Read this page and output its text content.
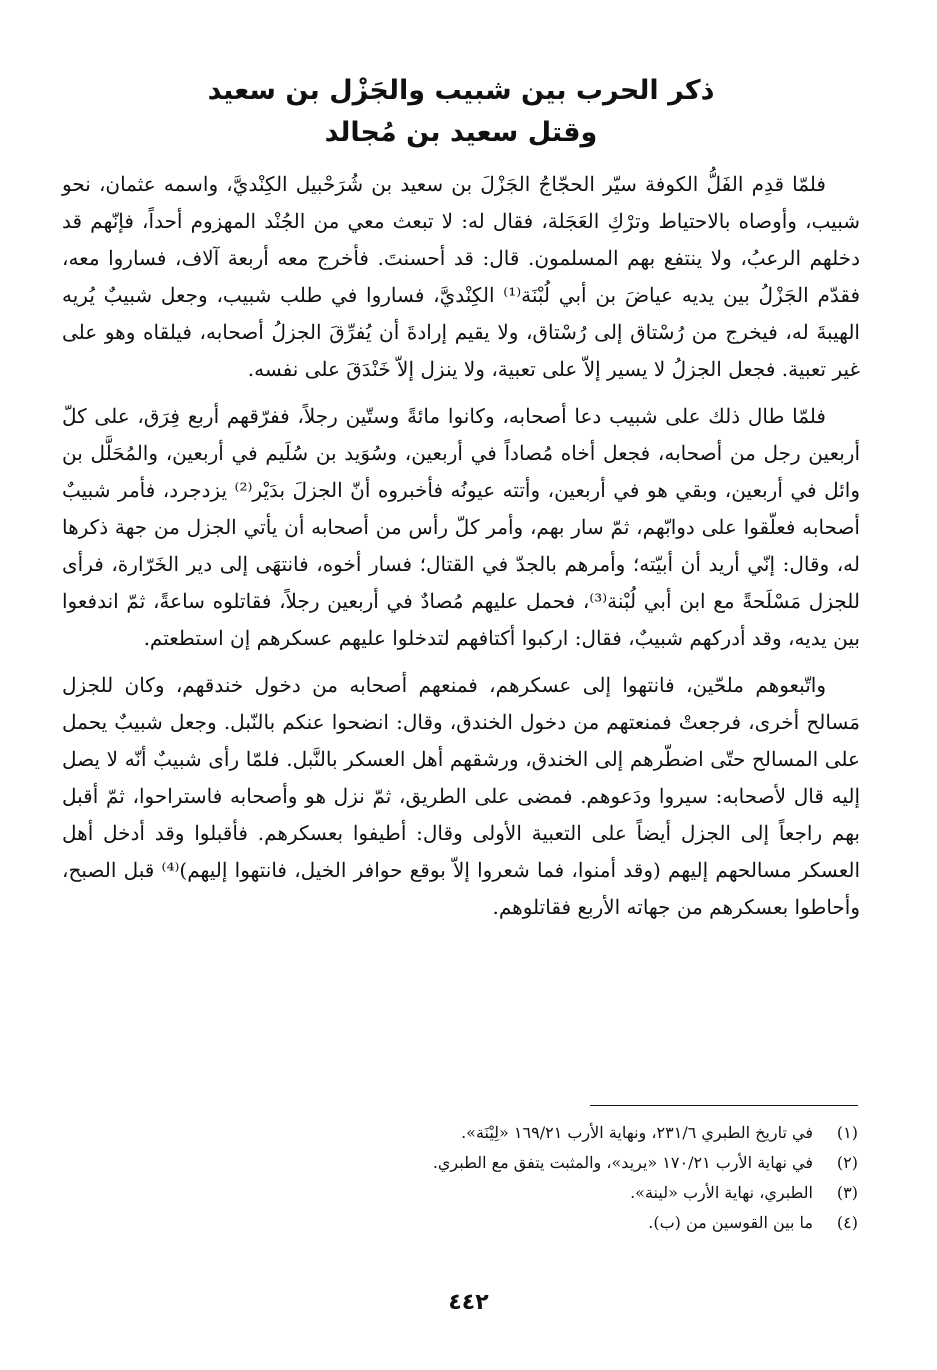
ذكر الحرب بين شبيب والجَزْل بن سعيد
وقتل سعيد بن مُجالد

فلمّا قدِم الفَلُّ الكوفة سيّر الحجّاجُ الجَزْلَ بن سعيد بن شُرَحْبيل الكِنْديَّ، واسمه عثمان، نحو شبيب، وأوصاه بالاحتياط وترْكِ العَجَلة، فقال له: لا تبعث معي من الجُنْد المهزوم أحداً، فإنّهم قد دخلهم الرعبُ، ولا ينتفع بهم المسلمون. قال: قد أحسنتَ. فأخرج معه أربعة آلاف، فساروا معه، فقدّم الجَزْلُ بين يديه عياضَ بن أبي لُبْنَة⁽¹⁾ الكِنْديَّ، فساروا في طلب شبيب، وجعل شبيبٌ يُريه الهيبةَ له، فيخرج من رُسْتاق إلى رُسْتاق، ولا يقيم إرادةَ أن يُفرِّقَ الجزلُ أصحابه، فيلقاه وهو على غير تعبية. فجعل الجزلُ لا يسير إلاّ على تعبية، ولا ينزل إلاّ خَنْدَقَ على نفسه.

فلمّا طال ذلك على شبيب دعا أصحابه، وكانوا مائةً وستّين رجلاً، ففرّقهم أربع فِرَق، على كلّ أربعين رجل من أصحابه، فجعل أخاه مُصاداً في أربعين، وسُوَيد بن سُلَيم في أربعين، والمُحَلَّل بن وائل في أربعين، وبقي هو في أربعين، وأتته عيونُه فأخبروه أنّ الجزلَ بدَيْر⁽²⁾ يزدجرد، فأمر شبيبٌ أصحابه فعلّقوا على دوابّهم، ثمّ سار بهم، وأمر كلّ رأس من أصحابه أن يأتي الجزل من جهة ذكرها له، وقال: إنّي أريد أن أبيّته؛ وأمرهم بالجدّ في القتال؛ فسار أخوه، فانتهَى إلى دير الخَرّارة، فرأى للجزل مَسْلَحةً مع ابن أبي لُبْنة⁽³⁾، فحمل عليهم مُصادٌ في أربعين رجلاً، فقاتلوه ساعةً، ثمّ اندفعوا بين يديه، وقد أدركهم شبيبٌ، فقال: اركبوا أكتافهم لتدخلوا عليهم عسكرهم إن استطعتم.

واتّبعوهم ملحّين، فانتهوا إلى عسكرهم، فمنعهم أصحابه من دخول خندقهم، وكان للجزل مَسالح أخرى، فرجعتْ فمنعتهم من دخول الخندق، وقال: انضحوا عنكم بالنّبل. وجعل شبيبٌ يحمل على المسالح حتّى اضطّرهم إلى الخندق، ورشقهم أهل العسكر بالنَّبل. فلمّا رأى شبيبٌ أنّه لا يصل إليه قال لأصحابه: سيروا ودَعوهم. فمضى على الطريق، ثمّ نزل هو وأصحابه فاستراحوا، ثمّ أقبل بهم راجعاً إلى الجزل أيضاً على التعبية الأولى وقال: أطيفوا بعسكرهم. فأقبلوا وقد أدخل أهل العسكر مسالحهم إليهم (وقد أمنوا، فما شعروا إلاّ بوقع حوافر الخيل، فانتهوا إليهم)⁽⁴⁾ قبل الصبح، وأحاطوا بعسكرهم من جهاته الأربع فقاتلوهم.

(١)
في تاريخ الطبري ٢٣١/٦، ونهاية الأرب ١٦٩/٢١ «لِيْنَة».
(٢)
في نهاية الأرب ١٧٠/٢١ «يريد»، والمثبت يتفق مع الطبري.
(٣)
الطبري، نهاية الأرب «لينة».
(٤)
ما بين القوسين من (ب).
٤٤٢
